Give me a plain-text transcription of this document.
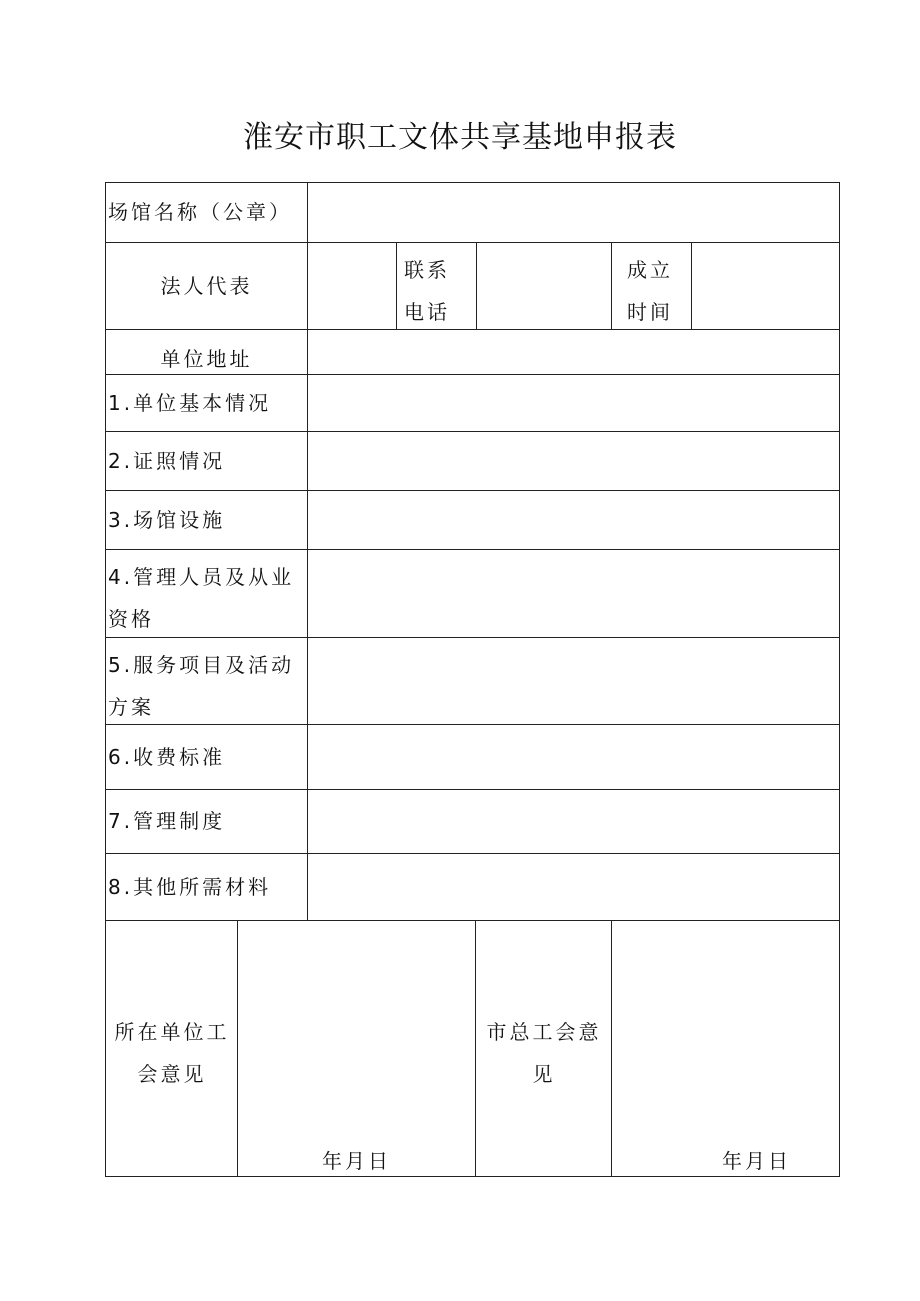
淮安市职工文体共享基地申报表
场馆名称（公章）
法人代表
联系电话
成立时间
单位地址
1.单位基本情况
2.证照情况
3.场馆设施
4.管理人员及从业资格
5.服务项目及活动方案
6.收费标准
7.管理制度
8.其他所需材料
所在单位工会意见
年月日
市总工会意见
年月日
